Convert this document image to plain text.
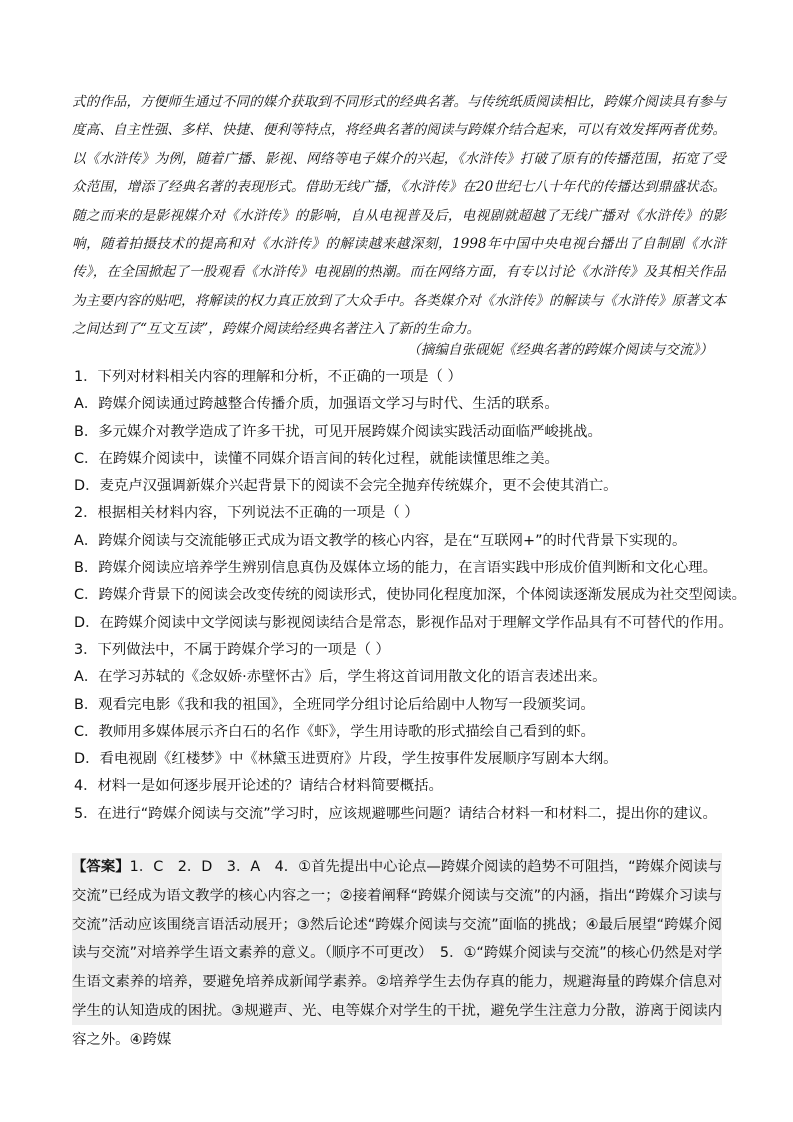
式的作品，方便师生通过不同的媒介获取到不同形式的经典名著。与传统纸质阅读相比，跨媒介阅读具有参与度高、自主性强、多样、快捷、便利等特点，将经典名著的阅读与跨媒介结合起来，可以有效发挥两者优势。以《水浒传》为例，随着广播、影视、网络等电子媒介的兴起，《水浒传》打破了原有的传播范围，拓宽了受众范围，增添了经典名著的表现形式。借助无线广播，《水浒传》在20世纪七八十年代的传播达到鼎盛状态。随之而来的是影视媒介对《水浒传》的影响，自从电视普及后，电视剧就超越了无线广播对《水浒传》的影响，随着拍摄技术的提高和对《水浒传》的解读越来越深刻，1998年中国中央电视台播出了自制剧《水浒传》，在全国掀起了一股观看《水浒传》电视剧的热潮。而在网络方面，有专以讨论《水浒传》及其相关作品为主要内容的贴吧，将解读的权力真正放到了大众手中。各类媒介对《水浒传》的解读与《水浒传》原著文本之间达到了“互文互读”，跨媒介阅读给经典名著注入了新的生命力。
（摘编自张砚妮《经典名著的跨媒介阅读与交流》）
1．下列对材料相关内容的理解和分析，不正确的一项是（ ）
A．跨媒介阅读通过跨越整合传播介质，加强语文学习与时代、生活的联系。
B．多元媒介对教学造成了许多干扰，可见开展跨媒介阅读实践活动面临严峻挑战。
C．在跨媒介阅读中，读懂不同媒介语言间的转化过程，就能读懂思维之美。
D．麦克卢汉强调新媒介兴起背景下的阅读不会完全抛弃传统媒介，更不会使其消亡。
2．根据相关材料内容，下列说法不正确的一项是（ ）
A．跨媒介阅读与交流能够正式成为语文教学的核心内容，是在“互联网+”的时代背景下实现的。
B．跨媒介阅读应培养学生辨别信息真伪及媒体立场的能力，在言语实践中形成价值判断和文化心理。
C．跨媒介背景下的阅读会改变传统的阅读形式，使协同化程度加深，个体阅读逐渐发展成为社交型阅读。
D．在跨媒介阅读中文学阅读与影视阅读结合是常态，影视作品对于理解文学作品具有不可替代的作用。
3．下列做法中，不属于跨媒介学习的一项是（ ）
A．在学习苏轼的《念奴娇·赤壁怀古》后，学生将这首词用散文化的语言表述出来。
B．观看完电影《我和我的祖国》，全班同学分组讨论后给剧中人物写一段颁奖词。
C．教师用多媒体展示齐白石的名作《虾》，学生用诗歌的形式描绘自己看到的虾。
D．看电视剧《红楼梦》中《林黛玉进贾府》片段，学生按事件发展顺序写剧本大纲。
4．材料一是如何逐步展开论述的？请结合材料简要概括。
5．在进行“跨媒介阅读与交流”学习时，应该规避哪些问题？请结合材料一和材料二，提出你的建议。
【答案】1．C　2．D　3．A　4．①首先提出中心论点—跨媒介阅读的趋势不可阻挡，“跨媒介阅读与交流”已经成为语文教学的核心内容之一；②接着阐释“跨媒介阅读与交流”的内涵，指出“跨媒介习读与交流”活动应该围绕言语活动展开；③然后论述“跨媒介阅读与交流”面临的挑战；④最后展望“跨媒介阅读与交流”对培养学生语文素养的意义。（顺序不可更改）　5．①“跨媒介阅读与交流”的核心仍然是对学生语文素养的培养，要避免培养成新闻学素养。②培养学生去伪存真的能力，规避海量的跨媒介信息对学生的认知造成的困扰。③规避声、光、电等媒介对学生的干扰，避免学生注意力分散，游离于阅读内容之外。④跨媒
